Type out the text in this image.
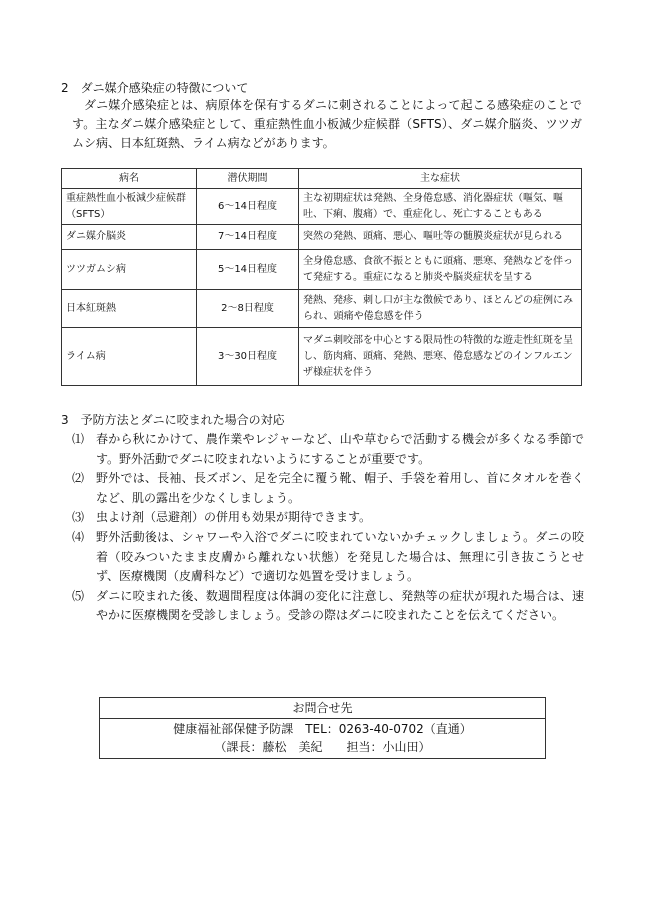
2　ダニ媒介感染症の特徴について
ダニ媒介感染症とは、病原体を保有するダニに刺されることによって起こる感染症のことです。主なダニ媒介感染症として、重症熱性血小板減少症候群（SFTS）、ダニ媒介脳炎、ツツガムシ病、日本紅斑熱、ライム病などがあります。
病名	潜伏期間	主な症状
重症熱性血小板減少症候群（SFTS）	6～14日程度	主な初期症状は発熱、全身倦怠感、消化器症状（嘔気、嘔吐、下痢、腹痛）で、重症化し、死亡することもある
ダニ媒介脳炎	7～14日程度	突然の発熱、頭痛、悪心、嘔吐等の髄膜炎症状が見られる
ツツガムシ病	5～14日程度	全身倦怠感、食欲不振とともに頭痛、悪寒、発熱などを伴って発症する。重症になると肺炎や脳炎症状を呈する
日本紅斑熱	2～8日程度	発熱、発疹、刺し口が主な徴候であり、ほとんどの症例にみられ、頭痛や倦怠感を伴う
ライム病	3～30日程度	マダニ刺咬部を中心とする限局性の特徴的な遊走性紅斑を呈し、筋肉痛、頭痛、発熱、悪寒、倦怠感などのインフルエンザ様症状を伴う
3　予防方法とダニに咬まれた場合の対応
⑴ 春から秋にかけて、農作業やレジャーなど、山や草むらで活動する機会が多くなる季節です。野外活動でダニに咬まれないようにすることが重要です。
⑵ 野外では、長袖、長ズボン、足を完全に覆う靴、帽子、手袋を着用し、首にタオルを巻くなど、肌の露出を少なくしましょう。
⑶ 虫よけ剤（忌避剤）の併用も効果が期待できます。
⑷ 野外活動後は、シャワーや入浴でダニに咬まれていないかチェックしましょう。ダニの咬着（咬みついたまま皮膚から離れない状態）を発見した場合は、無理に引き抜こうとせず、医療機関（皮膚科など）で適切な処置を受けましょう。
⑸ ダニに咬まれた後、数週間程度は体調の変化に注意し、発熱等の症状が現れた場合は、速やかに医療機関を受診しましょう。受診の際はダニに咬まれたことを伝えてください。
お問合せ先
健康福祉部保健予防課　TEL：0263-40-0702（直通）
（課長：藤松　美紀　　担当：小山田）
